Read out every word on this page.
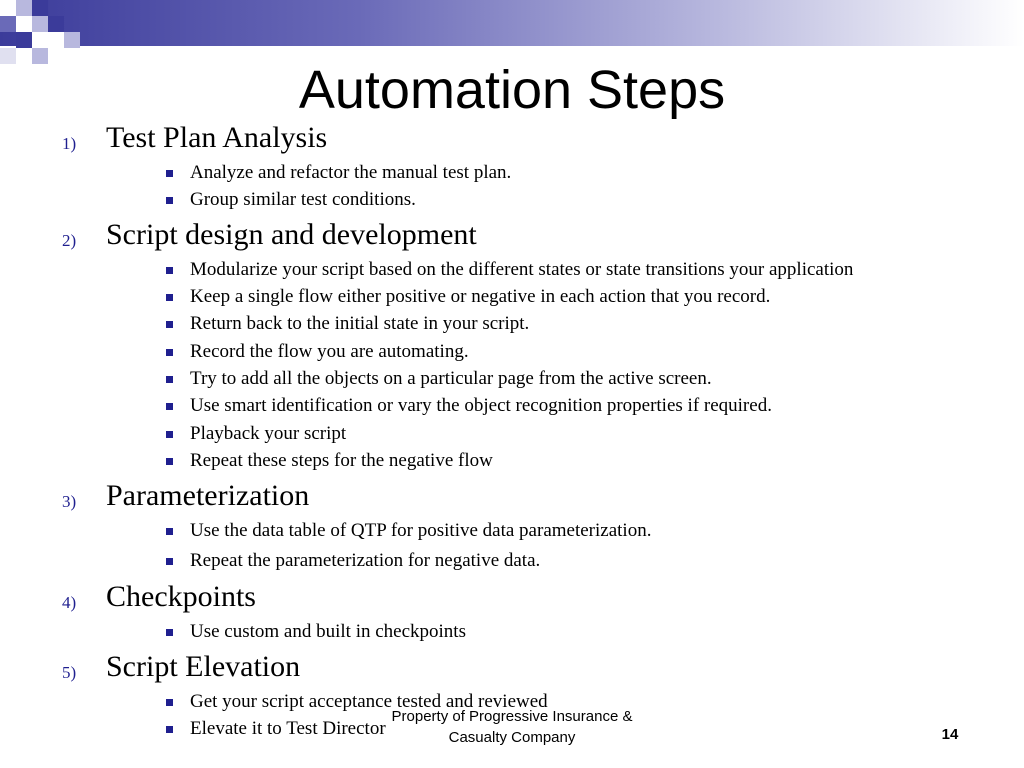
Automation Steps
1) Test Plan Analysis
Analyze and refactor the manual test plan.
Group similar test conditions.
2) Script design and development
Modularize your script based on the different states or state transitions your application
Keep a single flow either positive or negative in each action that you record.
Return back to the initial state in your script.
Record the flow you are automating.
Try to add all the objects on a particular page from the active screen.
Use smart identification or vary the object recognition properties if required.
Playback your script
Repeat these steps for the negative flow
3) Parameterization
Use the data table of QTP for positive data parameterization.
Repeat the parameterization for negative data.
4) Checkpoints
Use custom and built in checkpoints
5) Script Elevation
Get your script acceptance tested and reviewed
Elevate it to Test Director
Property of Progressive Insurance &
Casualty Company	14
